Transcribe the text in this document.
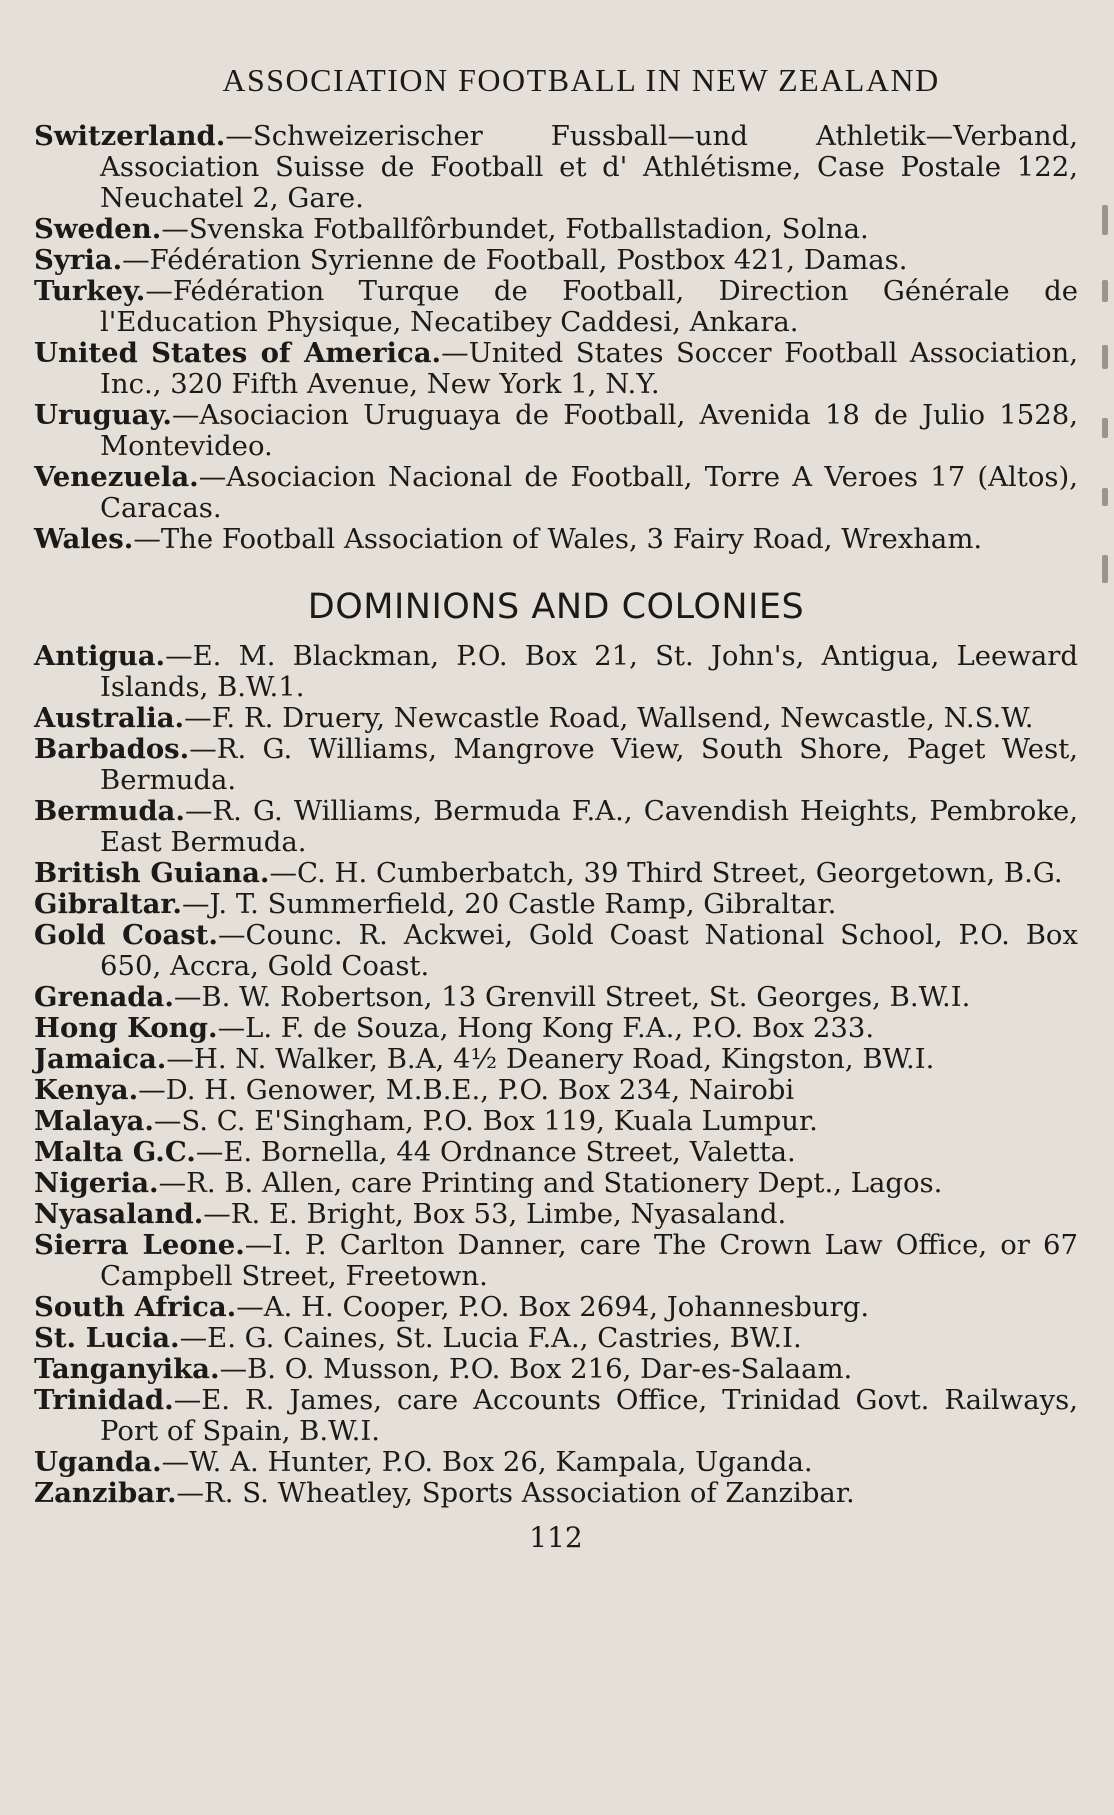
ASSOCIATION FOOTBALL IN NEW ZEALAND
Switzerland.—Schweizerischer Fussball—und Athletik—Verband, Association Suisse de Football et d' Athlétisme, Case Postale 122, Neuchatel 2, Gare.
Sweden.—Svenska Fotballfôrbundet, Fotballstadion, Solna.
Syria.—Fédération Syrienne de Football, Postbox 421, Damas.
Turkey.—Fédération Turque de Football, Direction Générale de l'Education Physique, Necatibey Caddesi, Ankara.
United States of America.—United States Soccer Football Association, Inc., 320 Fifth Avenue, New York 1, N.Y.
Uruguay.—Asociacion Uruguaya de Football, Avenida 18 de Julio 1528, Montevideo.
Venezuela.—Asociacion Nacional de Football, Torre A Veroes 17 (Altos), Caracas.
Wales.—The Football Association of Wales, 3 Fairy Road, Wrexham.
DOMINIONS AND COLONIES
Antigua.—E. M. Blackman, P.O. Box 21, St. John's, Antigua, Leeward Islands, B.W.1.
Australia.—F. R. Druery, Newcastle Road, Wallsend, Newcastle, N.S.W.
Barbados.—R. G. Williams, Mangrove View, South Shore, Paget West, Bermuda.
Bermuda.—R. G. Williams, Bermuda F.A., Cavendish Heights, Pembroke, East Bermuda.
British Guiana.—C. H. Cumberbatch, 39 Third Street, Georgetown, B.G.
Gibraltar.—J. T. Summerfield, 20 Castle Ramp, Gibraltar.
Gold Coast.—Counc. R. Ackwei, Gold Coast National School, P.O. Box 650, Accra, Gold Coast.
Grenada.—B. W. Robertson, 13 Grenvill Street, St. Georges, B.W.I.
Hong Kong.—L. F. de Souza, Hong Kong F.A., P.O. Box 233.
Jamaica.—H. N. Walker, B.A, 4½ Deanery Road, Kingston, BW.I.
Kenya.—D. H. Genower, M.B.E., P.O. Box 234, Nairobi
Malaya.—S. C. E'Singham, P.O. Box 119, Kuala Lumpur.
Malta G.C.—E. Bornella, 44 Ordnance Street, Valetta.
Nigeria.—R. B. Allen, care Printing and Stationery Dept., Lagos.
Nyasaland.—R. E. Bright, Box 53, Limbe, Nyasaland.
Sierra Leone.—I. P. Carlton Danner, care The Crown Law Office, or 67 Campbell Street, Freetown.
South Africa.—A. H. Cooper, P.O. Box 2694, Johannesburg.
St. Lucia.—E. G. Caines, St. Lucia F.A., Castries, BW.I.
Tanganyika.—B. O. Musson, P.O. Box 216, Dar-es-Salaam.
Trinidad.—E. R. James, care Accounts Office, Trinidad Govt. Railways, Port of Spain, B.W.I.
Uganda.—W. A. Hunter, P.O. Box 26, Kampala, Uganda.
Zanzibar.—R. S. Wheatley, Sports Association of Zanzibar.
112
